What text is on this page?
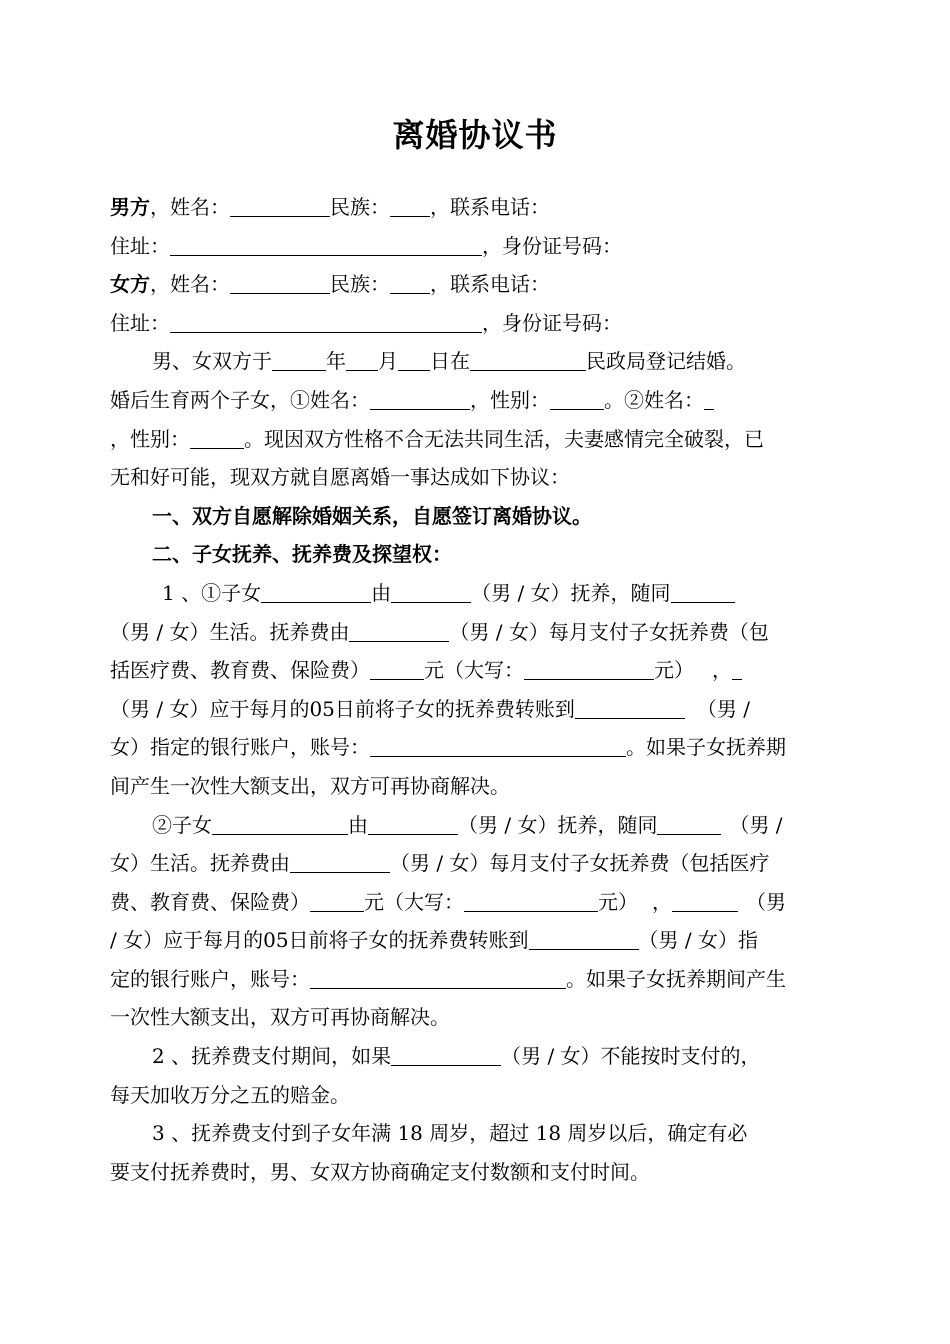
离婚协议书
男方，姓名：	民族： ，联系电话：
住址：	，身份证号码：
女方，姓名：	民族： ，联系电话：
住址：	，身份证号码：
男、女双方于	年 月 日在	民政局登记结婚。
婚后生育两个子女，①姓名：	，性别：	。②姓名：
，性别：	。现因双方性格不合无法共同生活，夫妻感情完全破裂，已
无和好可能，现双方就自愿离婚一事达成如下协议：
一、双方自愿解除婚姻关系，自愿签订离婚协议。
二、子女抚养、抚养费及探望权：
1 、①子女	由	（男 / 女）抚养，随同
（男 / 女）生活。抚养费由	（男 / 女）每月支付子女抚养费（包
括医疗费、教育费、保险费）	元（大写：	元） ，
（男 / 女）应于每月的05日前将子女的抚养费转账到	（男 /
女）指定的银行账户，账号：	。如果子女抚养期
间产生一次性大额支出，双方可再协商解决。
②子女	由	（男 / 女）抚养，随同	（男 /
女）生活。抚养费由	（男 / 女）每月支付子女抚养费（包括医疗
费、教育费、保险费）	元（大写：	元） ，	（男
/ 女）应于每月的05日前将子女的抚养费转账到	（男 / 女）指
定的银行账户，账号：	。如果子女抚养期间产生
一次性大额支出，双方可再协商解决。
2 、抚养费支付期间，如果	（男 / 女）不能按时支付的，
每天加收万分之五的赔金。
3 、抚养费支付到子女年满 18 周岁，超过 18 周岁以后，确定有必
要支付抚养费时，男、女双方协商确定支付数额和支付时间。
